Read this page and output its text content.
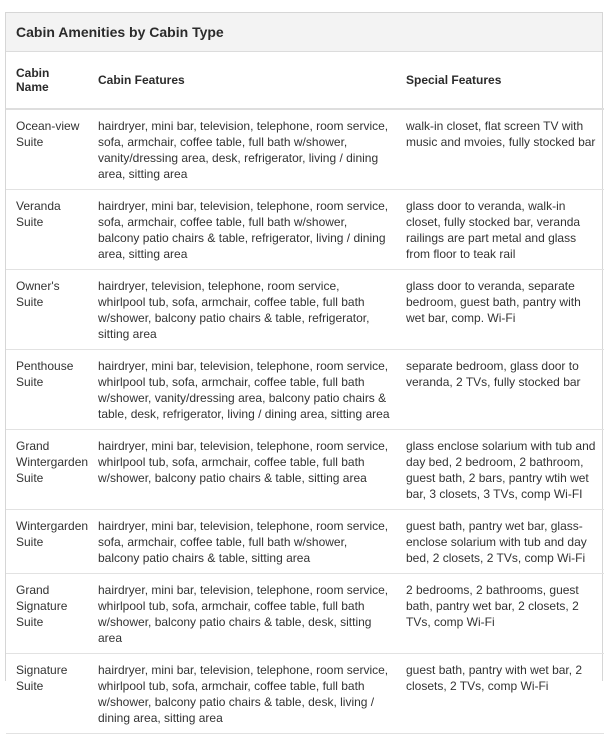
Cabin Amenities by Cabin Type
Cabin Name	Cabin Features	Special Features
Ocean-view Suite	hairdryer, mini bar, television, telephone, room service, sofa, armchair, coffee table, full bath w/shower, vanity/dressing area, desk, refrigerator, living / dining area, sitting area	walk-in closet, flat screen TV with music and mvoies, fully stocked bar
Veranda Suite	hairdryer, mini bar, television, telephone, room service, sofa, armchair, coffee table, full bath w/shower, balcony patio chairs & table, refrigerator, living / dining area, sitting area	glass door to veranda, walk-in closet, fully stocked bar, veranda railings are part metal and glass from floor to teak rail
Owner's Suite	hairdryer, television, telephone, room service, whirlpool tub, sofa, armchair, coffee table, full bath w/shower, balcony patio chairs & table, refrigerator, sitting area	glass door to veranda, separate bedroom, guest bath, pantry with wet bar, comp. Wi-Fi
Penthouse Suite	hairdryer, mini bar, television, telephone, room service, whirlpool tub, sofa, armchair, coffee table, full bath w/shower, vanity/dressing area, balcony patio chairs & table, desk, refrigerator, living / dining area, sitting area	separate bedroom, glass door to veranda, 2 TVs, fully stocked bar
Grand Wintergarden Suite	hairdryer, mini bar, television, telephone, room service, whirlpool tub, sofa, armchair, coffee table, full bath w/shower, balcony patio chairs & table, sitting area	glass enclose solarium with tub and day bed, 2 bedroom, 2 bathroom, guest bath, 2 bars, pantry wtih wet bar, 3 closets, 3 TVs, comp Wi-FI
Wintergarden Suite	hairdryer, mini bar, television, telephone, room service, sofa, armchair, coffee table, full bath w/shower, balcony patio chairs & table, sitting area	guest bath, pantry wet bar, glass-enclose solarium with tub and day bed, 2 closets, 2 TVs, comp Wi-Fi
Grand Signature Suite	hairdryer, mini bar, television, telephone, room service, whirlpool tub, sofa, armchair, coffee table, full bath w/shower, balcony patio chairs & table, desk, sitting area	2 bedrooms, 2 bathrooms, guest bath, pantry wet bar, 2 closets, 2 TVs, comp Wi-Fi
Signature Suite	hairdryer, mini bar, television, telephone, room service, whirlpool tub, sofa, armchair, coffee table, full bath w/shower, balcony patio chairs & table, desk, living / dining area, sitting area	guest bath, pantry with wet bar, 2 closets, 2 TVs, comp Wi-Fi
